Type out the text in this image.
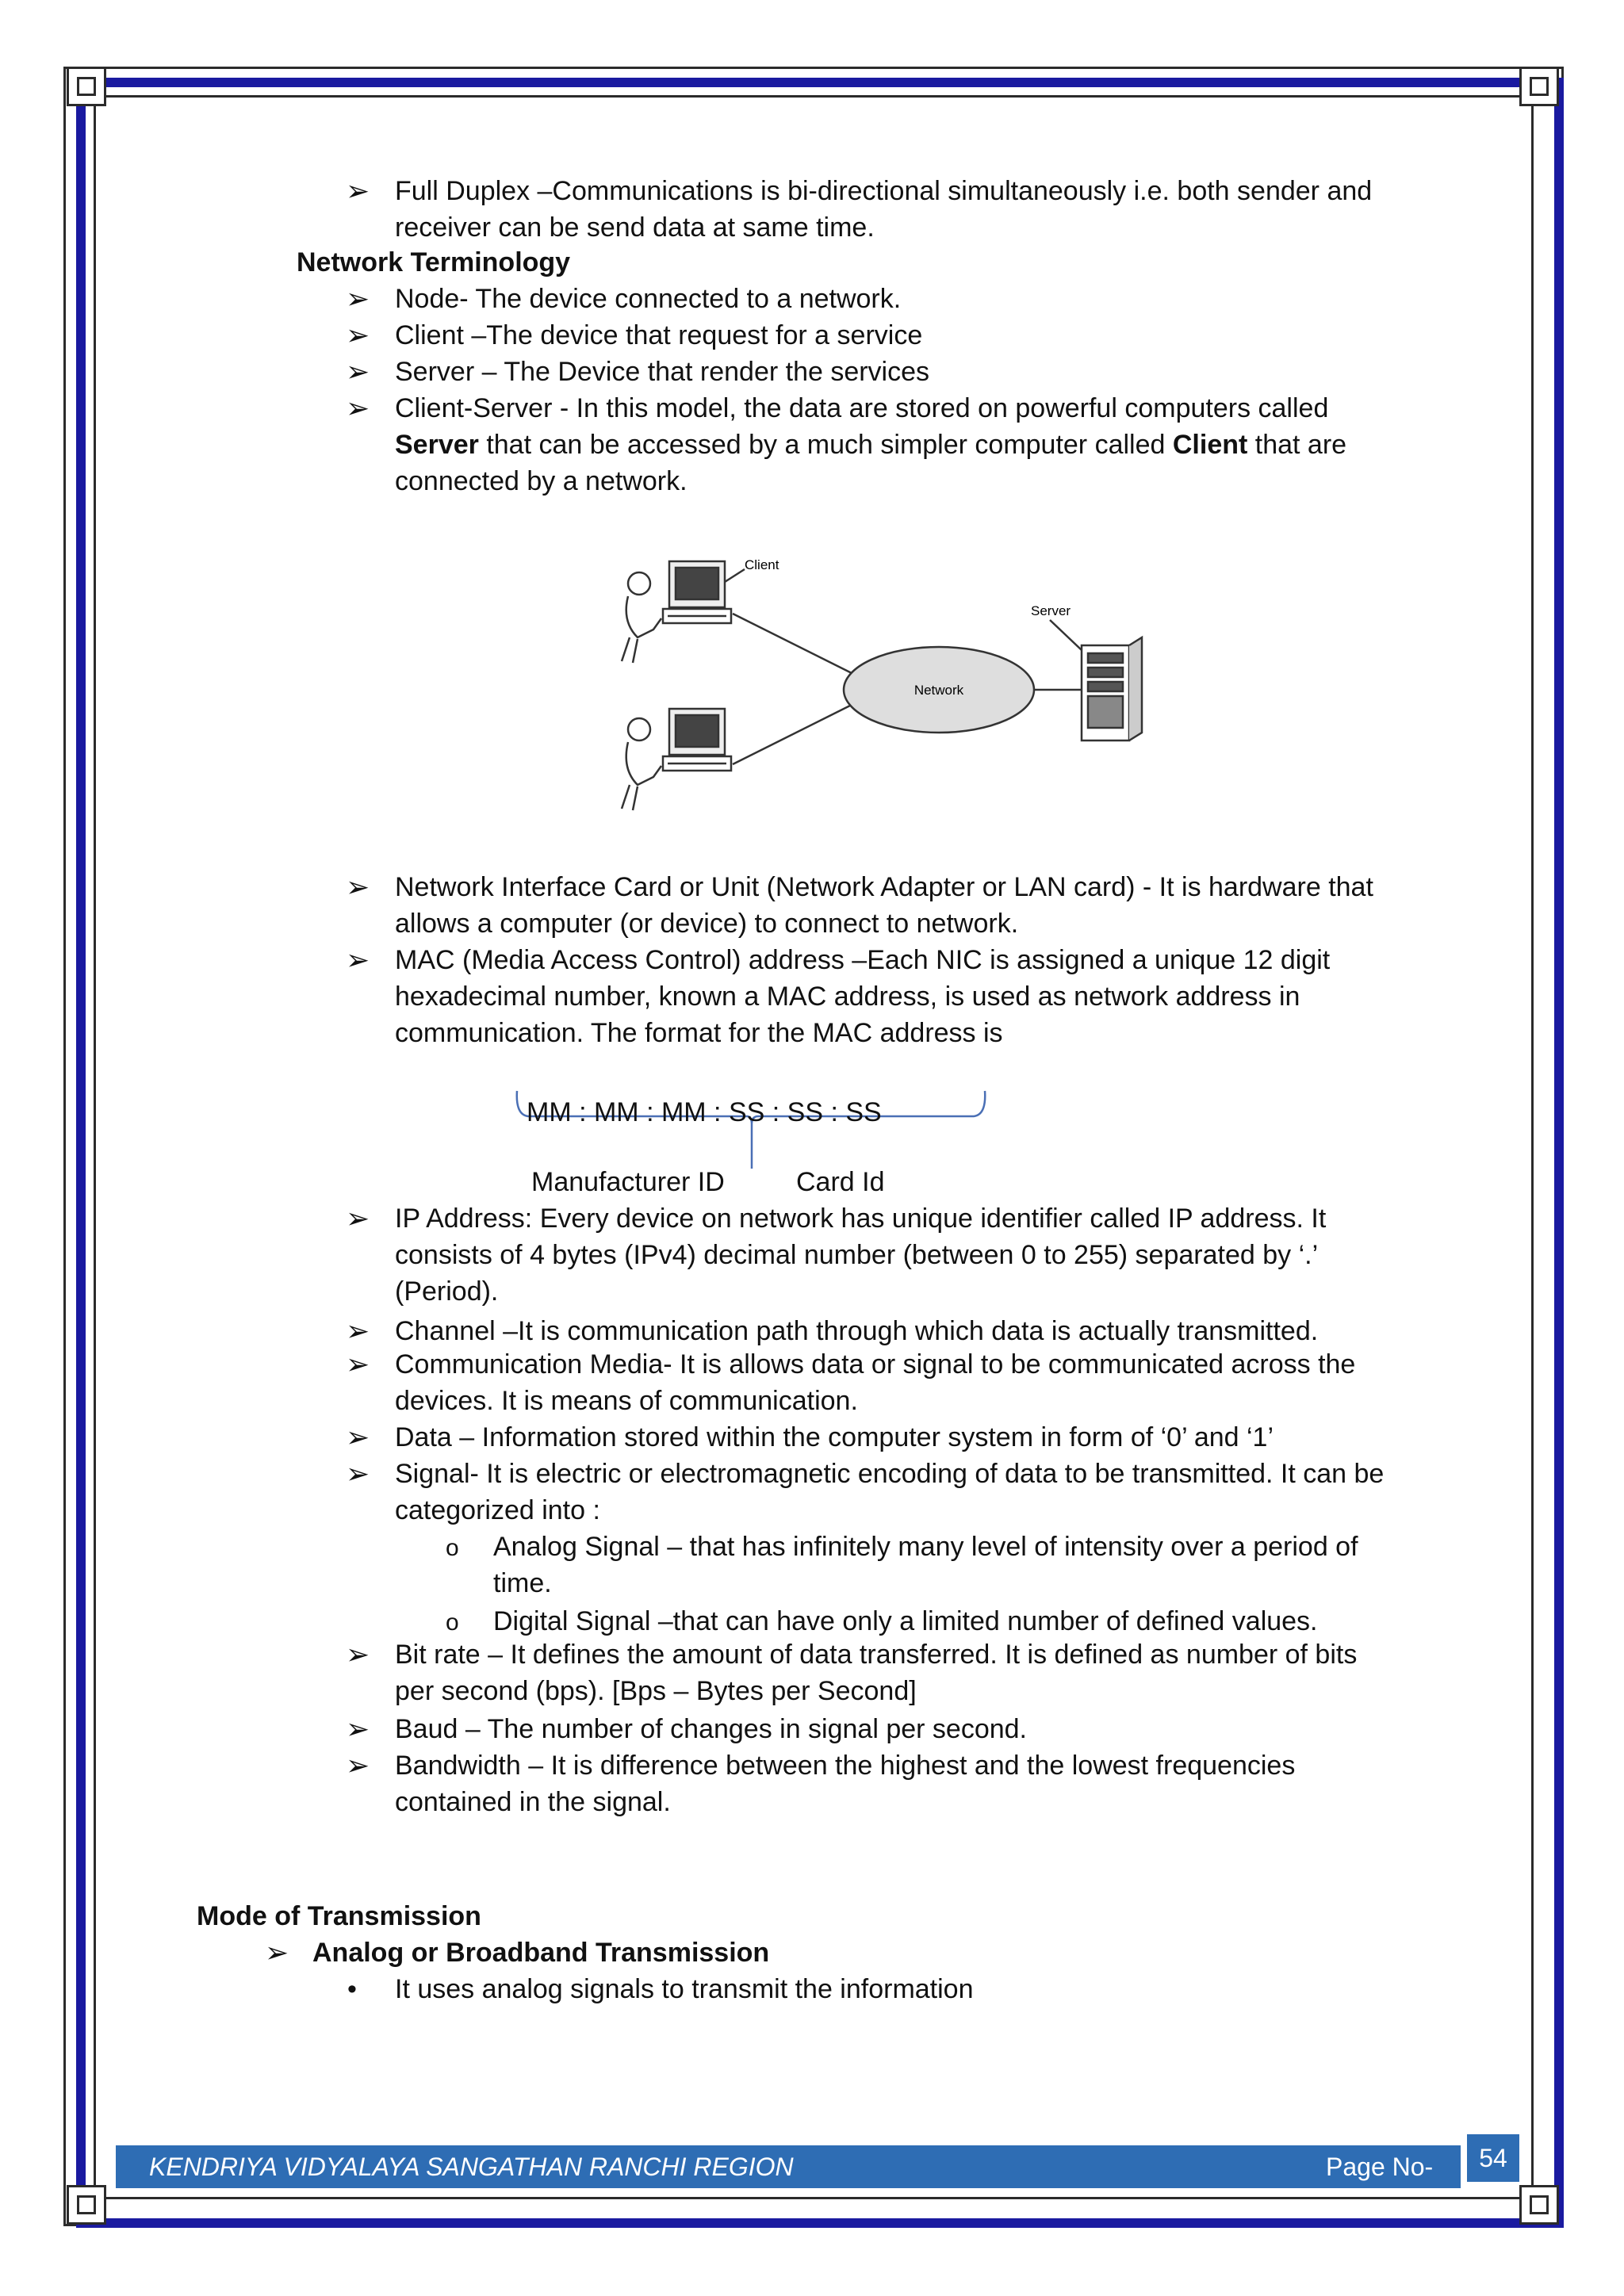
➢ Full Duplex –Communications is bi-directional simultaneously i.e. both sender and
receiver can be send data at same time.
Network Terminology
➢ Node- The device connected to a network.
➢ Client –The device that request for a service
➢ Server – The Device that render the services
➢ Client-Server - In this model, the data are stored on powerful computers called
Server that can be accessed by a much simpler computer called Client that are
connected by a network.
Network
Client
Server
➢ Network Interface Card or Unit (Network Adapter or LAN card) - It is hardware that
allows a computer (or device) to connect to network.
➢ MAC (Media Access Control) address –Each NIC is assigned a unique 12 digit
hexadecimal number, known a MAC address, is used as network address in
communication. The format for the MAC address is
MM : MM : MM : SS : SS : SS
Manufacturer ID	Card Id
➢ IP Address: Every device on network has unique identifier called IP address. It
consists of 4 bytes (IPv4) decimal number (between 0 to 255) separated by ‘.’
(Period).
➢ Channel –It is communication path through which data is actually transmitted.
➢ Communication Media- It is allows data or signal to be communicated across the
devices. It is means of communication.
➢ Data – Information stored within the computer system in form of ‘0’ and ‘1’
➢ Signal- It is electric or electromagnetic encoding of data to be transmitted. It can be
categorized into :
o Analog Signal – that has infinitely many level of intensity over a period of
time.
o Digital Signal –that can have only a limited number of defined values.
➢ Bit rate – It defines the amount of data transferred. It is defined as number of bits
per second (bps). [Bps – Bytes per Second]
➢ Baud – The number of changes in signal per second.
➢ Bandwidth – It is difference between the highest and the lowest frequencies
contained in the signal.
Mode of Transmission
➢ Analog or Broadband Transmission
• It uses analog signals to transmit the information
KENDRIYA VIDYALAYA SANGATHAN RANCHI REGION	Page No-	54
